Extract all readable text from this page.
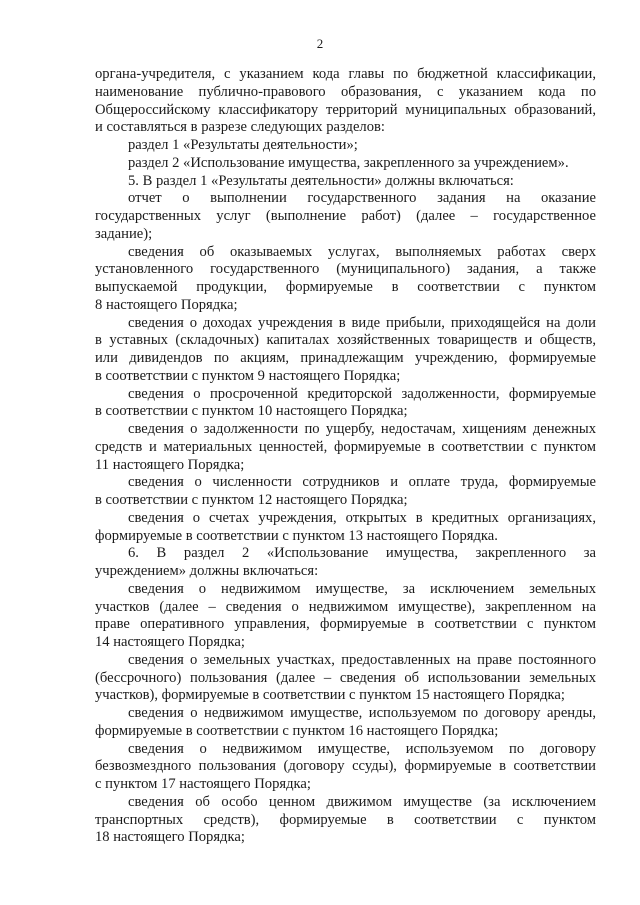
2
органа-учредителя, с указанием кода главы по бюджетной классификации,
наименование публично-правового образования, с указанием кода по
Общероссийскому классификатору территорий муниципальных образований,
и составляться в разрезе следующих разделов:
раздел 1 «Результаты деятельности»;
раздел 2 «Использование имущества, закрепленного за учреждением».
5. В раздел 1 «Результаты деятельности» должны включаться:
отчет о выполнении государственного задания на оказание
государственных услуг (выполнение работ) (далее – государственное
задание);
сведения об оказываемых услугах, выполняемых работах сверх
установленного государственного (муниципального) задания, а также
выпускаемой продукции, формируемые в соответствии с пунктом
8 настоящего Порядка;
сведения о доходах учреждения в виде прибыли, приходящейся на доли
в уставных (складочных) капиталах хозяйственных товариществ и обществ,
или дивидендов по акциям, принадлежащим учреждению, формируемые
в соответствии с пунктом 9 настоящего Порядка;
сведения о просроченной кредиторской задолженности, формируемые
в соответствии с пунктом 10 настоящего Порядка;
сведения о задолженности по ущербу, недостачам, хищениям денежных
средств и материальных ценностей, формируемые в соответствии с пунктом
11 настоящего Порядка;
сведения о численности сотрудников и оплате труда, формируемые
в соответствии с пунктом 12 настоящего Порядка;
сведения о счетах учреждения, открытых в кредитных организациях,
формируемые в соответствии с пунктом 13 настоящего Порядка.
6. В раздел 2 «Использование имущества, закрепленного за
учреждением» должны включаться:
сведения о недвижимом имуществе, за исключением земельных
участков (далее – сведения о недвижимом имуществе), закрепленном на
праве оперативного управления, формируемые в соответствии с пунктом
14 настоящего Порядка;
сведения о земельных участках, предоставленных на праве постоянного
(бессрочного) пользования (далее – сведения об использовании земельных
участков), формируемые в соответствии с пунктом 15 настоящего Порядка;
сведения о недвижимом имуществе, используемом по договору аренды,
формируемые в соответствии с пунктом 16 настоящего Порядка;
сведения о недвижимом имуществе, используемом по договору
безвозмездного пользования (договору ссуды), формируемые в соответствии
с пунктом 17 настоящего Порядка;
сведения об особо ценном движимом имуществе (за исключением
транспортных средств), формируемые в соответствии с пунктом
18 настоящего Порядка;
